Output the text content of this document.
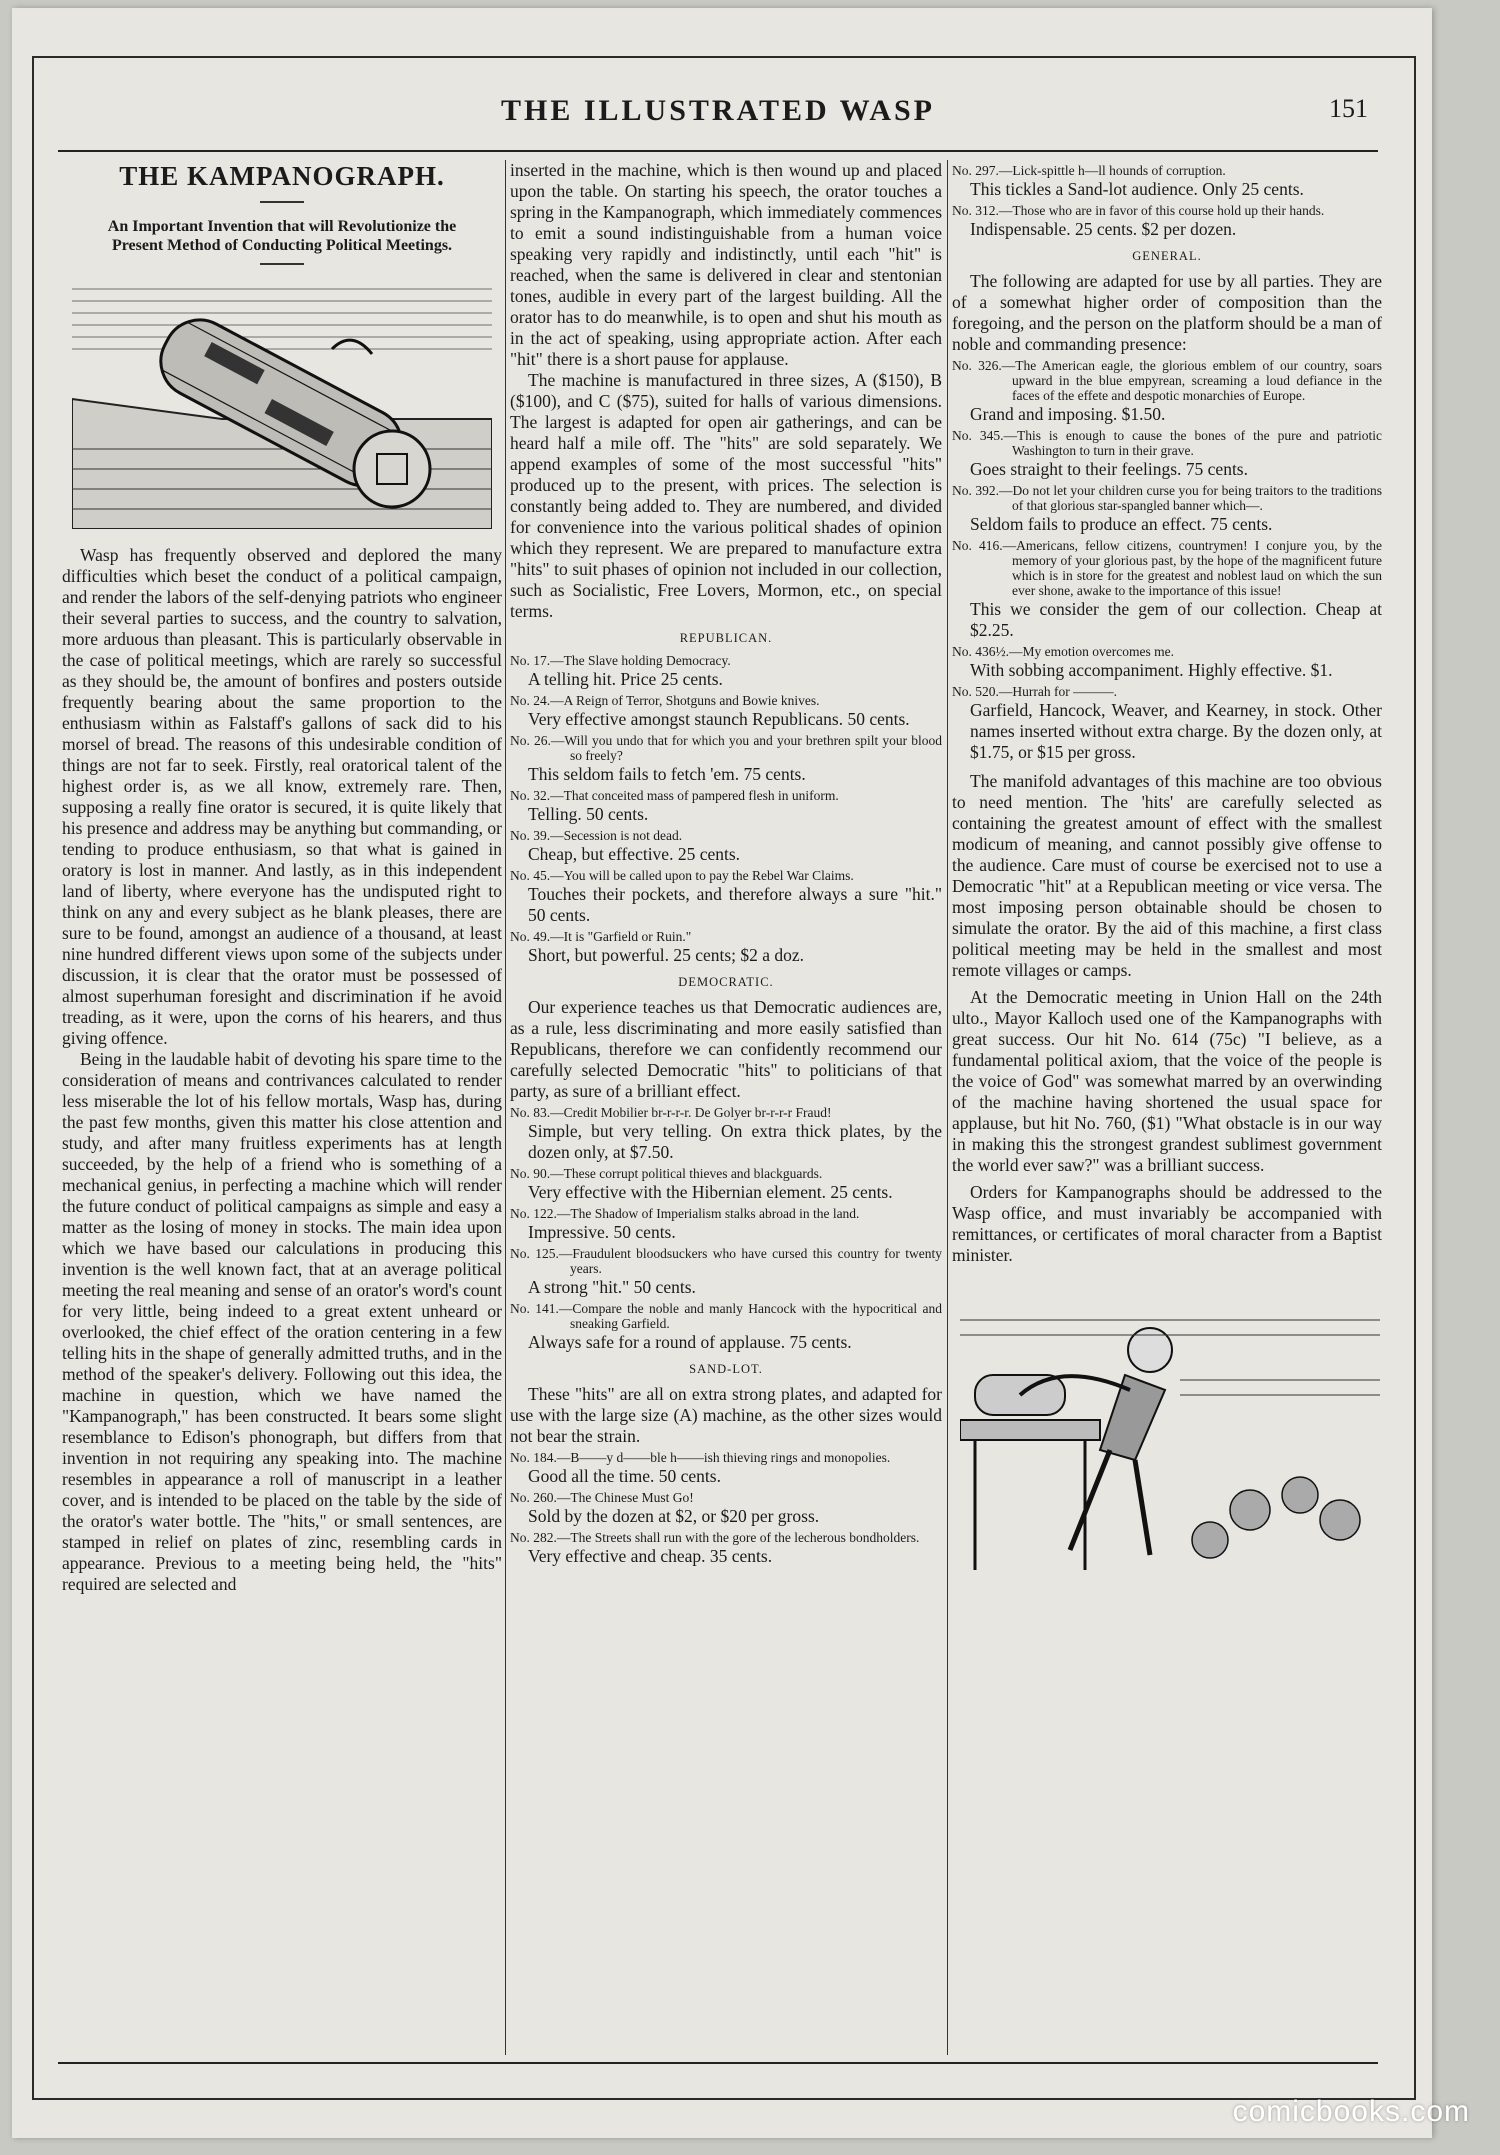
THE ILLUSTRATED WASP	151
THE KAMPANOGRAPH.
An Important Invention that will Revolutionize the Present Method of Conducting Political Meetings.

Wasp has frequently observed and deplored the many difficulties which beset the conduct of a political campaign, and render the labors of the self-denying patriots who engineer their several parties to success, and the country to salvation, more arduous than pleasant. This is particularly observable in the case of political meetings, which are rarely so successful as they should be, the amount of bonfires and posters outside frequently bearing about the same proportion to the enthusiasm within as Falstaff's gallons of sack did to his morsel of bread. The reasons of this undesirable condition of things are not far to seek. Firstly, real oratorical talent of the highest order is, as we all know, extremely rare. Then, supposing a really fine orator is secured, it is quite likely that his presence and address may be anything but commanding, or tending to produce enthusiasm, so that what is gained in oratory is lost in manner. And lastly, as in this independent land of liberty, where everyone has the undisputed right to think on any and every subject as he blank pleases, there are sure to be found, amongst an audience of a thousand, at least nine hundred different views upon some of the subjects under discussion, it is clear that the orator must be possessed of almost superhuman foresight and discrimination if he avoid treading, as it were, upon the corns of his hearers, and thus giving offence.

Being in the laudable habit of devoting his spare time to the consideration of means and contrivances calculated to render less miserable the lot of his fellow mortals, Wasp has, during the past few months, given this matter his close attention and study, and after many fruitless experiments has at length succeeded, by the help of a friend who is something of a mechanical genius, in perfecting a machine which will render the future conduct of political campaigns as simple and easy a matter as the losing of money in stocks. The main idea upon which we have based our calculations in producing this invention is the well known fact, that at an average political meeting the real meaning and sense of an orator's word's count for very little, being indeed to a great extent unheard or overlooked, the chief effect of the oration centering in a few telling hits in the shape of generally admitted truths, and in the method of the speaker's delivery. Following out this idea, the machine in question, which we have named the "Kampanograph," has been constructed. It bears some slight resemblance to Edison's phonograph, but differs from that invention in not requiring any speaking into. The machine resembles in appearance a roll of manuscript in a leather cover, and is intended to be placed on the table by the side of the orator's water bottle. The "hits," or small sentences, are stamped in relief on plates of zinc, resembling cards in appearance. Previous to a meeting being held, the "hits" required are selected and

inserted in the machine, which is then wound up and placed upon the table. On starting his speech, the orator touches a spring in the Kampanograph, which immediately commences to emit a sound indistinguishable from a human voice speaking very rapidly and indistinctly, until each "hit" is reached, when the same is delivered in clear and stentonian tones, audible in every part of the largest building. All the orator has to do meanwhile, is to open and shut his mouth as in the act of speaking, using appropriate action. After each "hit" there is a short pause for applause.

The machine is manufactured in three sizes, A ($150), B ($100), and C ($75), suited for halls of various dimensions. The largest is adapted for open air gatherings, and can be heard half a mile off. The "hits" are sold separately. We append examples of some of the most successful "hits" produced up to the present, with prices. The selection is constantly being added to. They are numbered, and divided for convenience into the various political shades of opinion which they represent. We are prepared to manufacture extra "hits" to suit phases of opinion not included in our collection, such as Socialistic, Free Lovers, Mormon, etc., on special terms.

REPUBLICAN.
No. 17.—The Slave holding Democracy.
A telling hit. Price 25 cents.
No. 24.—A Reign of Terror, Shotguns and Bowie knives.
Very effective amongst staunch Republicans. 50 cents.
No. 26.—Will you undo that for which you and your brethren spilt your blood so freely?
This seldom fails to fetch 'em. 75 cents.
No. 32.—That conceited mass of pampered flesh in uniform.
Telling. 50 cents.
No. 39.—Secession is not dead.
Cheap, but effective. 25 cents.
No. 45.—You will be called upon to pay the Rebel War Claims.
Touches their pockets, and therefore always a sure "hit." 50 cents.
No. 49.—It is "Garfield or Ruin."
Short, but powerful. 25 cents; $2 a doz.
DEMOCRATIC.

Our experience teaches us that Democratic audiences are, as a rule, less discriminating and more easily satisfied than Republicans, therefore we can confidently recommend our carefully selected Democratic "hits" to politicians of that party, as sure of a brilliant effect.

No. 83.—Credit Mobilier br-r-r-r. De Golyer br-r-r-r Fraud!
Simple, but very telling. On extra thick plates, by the dozen only, at $7.50.
No. 90.—These corrupt political thieves and blackguards.
Very effective with the Hibernian element. 25 cents.
No. 122.—The Shadow of Imperialism stalks abroad in the land.
Impressive. 50 cents.
No. 125.—Fraudulent bloodsuckers who have cursed this country for twenty years.
A strong "hit." 50 cents.
No. 141.—Compare the noble and manly Hancock with the hypocritical and sneaking Garfield.
Always safe for a round of applause. 75 cents.
SAND-LOT.

These "hits" are all on extra strong plates, and adapted for use with the large size (A) machine, as the other sizes would not bear the strain.

No. 184.—B——y d——ble h——ish thieving rings and monopolies.
Good all the time. 50 cents.
No. 260.—The Chinese Must Go!
Sold by the dozen at $2, or $20 per gross.
No. 282.—The Streets shall run with the gore of the lecherous bondholders.
Very effective and cheap. 35 cents.
No. 297.—Lick-spittle h—ll hounds of corruption.
This tickles a Sand-lot audience. Only 25 cents.
No. 312.—Those who are in favor of this course hold up their hands.
Indispensable. 25 cents. $2 per dozen.
GENERAL.

The following are adapted for use by all parties. They are of a somewhat higher order of composition than the foregoing, and the person on the platform should be a man of noble and commanding presence:

No. 326.—The American eagle, the glorious emblem of our country, soars upward in the blue empyrean, screaming a loud defiance in the faces of the effete and despotic monarchies of Europe.
Grand and imposing. $1.50.
No. 345.—This is enough to cause the bones of the pure and patriotic Washington to turn in their grave.
Goes straight to their feelings. 75 cents.
No. 392.—Do not let your children curse you for being traitors to the traditions of that glorious star-spangled banner which—.
Seldom fails to produce an effect. 75 cents.
No. 416.—Americans, fellow citizens, countrymen! I conjure you, by the memory of your glorious past, by the hope of the magnificent future which is in store for the greatest and noblest laud on which the sun ever shone, awake to the importance of this issue!
This we consider the gem of our collection. Cheap at $2.25.
No. 436½.—My emotion overcomes me.
With sobbing accompaniment. Highly effective. $1.
No. 520.—Hurrah for ———.
Garfield, Hancock, Weaver, and Kearney, in stock. Other names inserted without extra charge. By the dozen only, at $1.75, or $15 per gross.

The manifold advantages of this machine are too obvious to need mention. The 'hits' are carefully selected as containing the greatest amount of effect with the smallest modicum of meaning, and cannot possibly give offense to the audience. Care must of course be exercised not to use a Democratic "hit" at a Republican meeting or vice versa. The most imposing person obtainable should be chosen to simulate the orator. By the aid of this machine, a first class political meeting may be held in the smallest and most remote villages or camps.

At the Democratic meeting in Union Hall on the 24th ulto., Mayor Kalloch used one of the Kampanographs with great success. Our hit No. 614 (75c) "I believe, as a fundamental political axiom, that the voice of the people is the voice of God" was somewhat marred by an overwinding of the machine having shortened the usual space for applause, but hit No. 760, ($1) "What obstacle is in our way in making this the strongest grandest sublimest government the world ever saw?" was a brilliant success.

Orders for Kampanographs should be addressed to the Wasp office, and must invariably be accompanied with remittances, or certificates of moral character from a Baptist minister.

comicbooks.com
